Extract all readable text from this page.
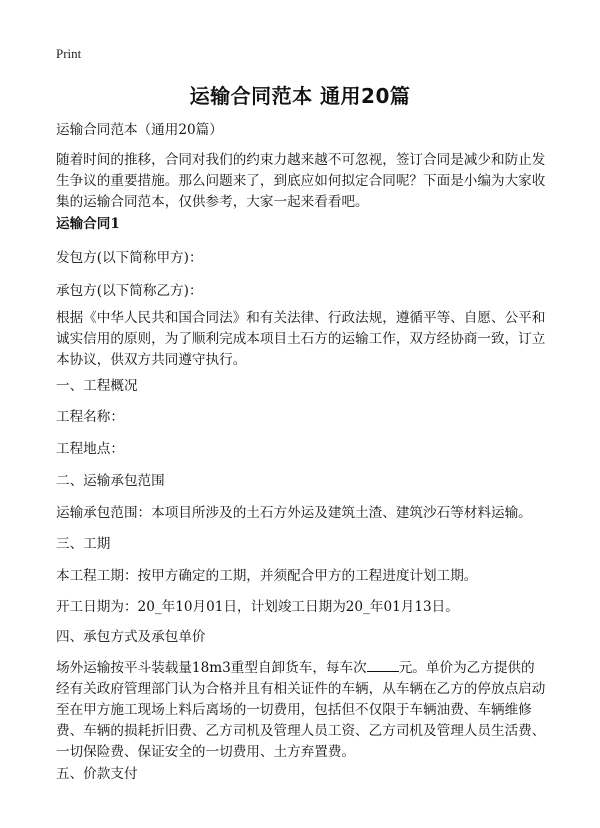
Print
运输合同范本 通用20篇
运输合同范本（通用20篇）
随着时间的推移，合同对我们的约束力越来越不可忽视，签订合同是减少和防止发生争议的重要措施。那么问题来了，到底应如何拟定合同呢？下面是小编为大家收集的运输合同范本，仅供参考，大家一起来看看吧。
运输合同1
发包方(以下简称甲方)：
承包方(以下简称乙方)：
根据《中华人民共和国合同法》和有关法律、行政法规，遵循平等、自愿、公平和诚实信用的原则，为了顺利完成本项目土石方的运输工作，双方经协商一致，订立本协议，供双方共同遵守执行。
一、工程概况
工程名称：
工程地点：
二、运输承包范围
运输承包范围：本项目所涉及的土石方外运及建筑土渣、建筑沙石等材料运输。
三、工期
本工程工期：按甲方确定的工期，并须配合甲方的工程进度计划工期。
开工日期为：20_年10月01日，计划竣工日期为20_年01月13日。
四、承包方式及承包单价
场外运输按平斗装载量18m3重型自卸货车，每车次 元。单价为乙方提供的经有关政府管理部门认为合格并且有相关证件的车辆，从车辆在乙方的停放点启动至在甲方施工现场上料后离场的一切费用，包括但不仅限于车辆油费、车辆维修费、车辆的损耗折旧费、乙方司机及管理人员工资、乙方司机及管理人员生活费、一切保险费、保证安全的一切费用、土方弃置费。
五、价款支付
